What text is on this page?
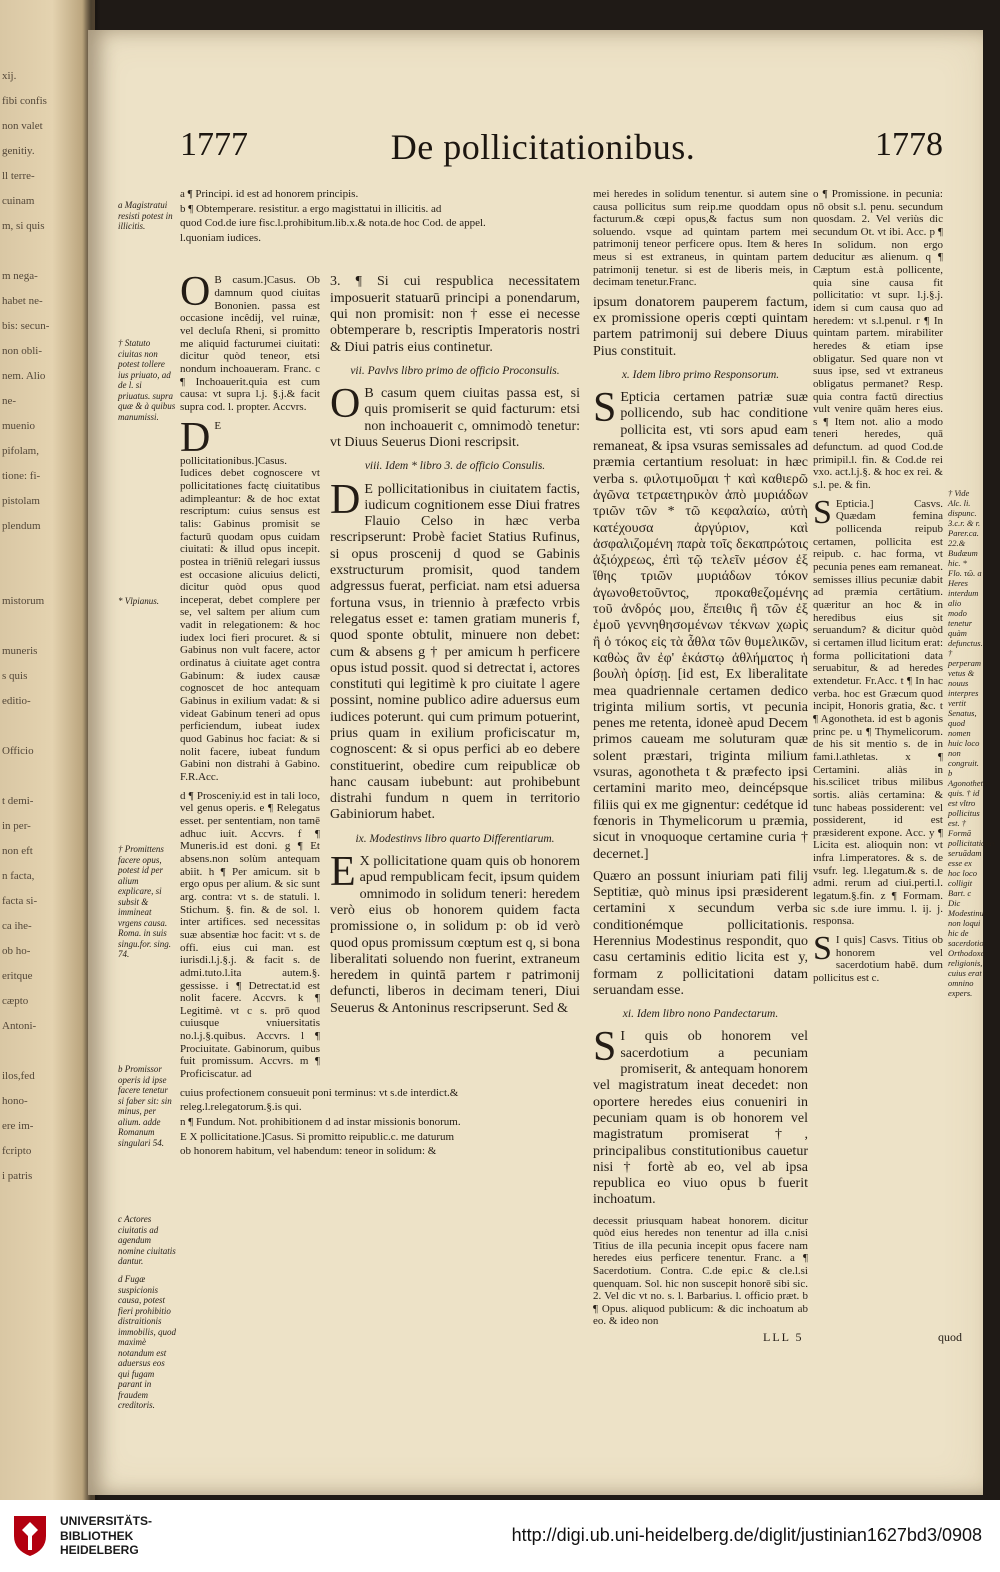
xij.
fibi confis
non valet
genitiy.
ll terre-
cuinam
m, si quis
m nega-
habet ne-
bis: secun-
non obli-
nem. Alio
ne-
muenio
pifolam,
tione: fi-
pistolam
plendum
mistorum
muneris
s quis
editio-
Officio
t demi-
in per-
non eft
n facta,
facta si-
ca ihe-
ob ho-
eritque
cæpto
Antoni-
ilos,fed
hono-
ere im-
fcripto
i patris
1777	De pollicitationibus.	1778
a Magistratui resisti potest in illicitis.

a ¶ Principi. id est ad honorem principis.

b ¶ Obtemperare. resistitur. a ergo magisttatui in illicitis. ad

quod Cod.de iure fisc.l.prohibitum.lib.x.& nota.de hoc Cod. de appel.

l.quoniam iudices.

O B casum.]Casus. Ob damnum quod ciuitas Bononien. passa est occasione incêdij, vel ruinæ, vel decluſa Rheni, si promitto me aliquid facturumei ciuitati: dicitur quòd teneor, etsi nondum inchoaueram. Franc. c ¶ Inchoauerit.quia est cum causa: vt supra l.j. §.j.& facit supra cod. l. propter. Accvrs.

D E pollicitationibus.]Casus. Iudices debet cognoscere vt pollicitationes factę ciuitatibus adimpleantur: & de hoc extat rescriptum: cuius sensus est talis: Gabinus promisit se facturū quodam opus cuidam ciuitati: & illud opus incepit. postea in triēniū relegari iussus est occasione alicuius delicti, dicitur quòd opus quod inceperat, debet complere per se, vel saltem per alium cum vadit in relegationem: & hoc iudex loci fieri procuret. & si Gabinus non vult facere, actor ordinatus à ciuitate aget contra Gabinum: & iudex causæ cognoscet de hoc antequam Gabinus in exilium vadat: & si videat Gabinum teneri ad opus perficiendum, iubeat iudex quod Gabinus hoc faciat: & si nolit facere, iubeat fundum Gabini non distrahi à Gabino. F.R.Acc.

d ¶ Prosceniy.id est in tali loco, vel genus operis. e ¶ Relegatus esset. per sententiam, non tamē adhuc iuit. Accvrs. f ¶ Muneris.id est doni. g ¶ Et absens.non solùm antequam abiit. h ¶ Per amicum. sit b ergo opus per alium. & sic sunt arg. contra: vt s. de statuli. l. Stichum. §. fin. & de sol. l. inter artifices. sed necessitas suæ absentiæ hoc facit: vt s. de offi. eius cui man. est iurisdi.l.j.§.j. & facit s. de admi.tuto.l.ita autem.§. gessisse. i ¶ Detrectat.id est nolit facere. Accvrs. k ¶ Legitimè. vt c s. prō quod cuiusque vniuersitatis no.l.j.§.quibus. Accvrs. l ¶ Prociuitate. Gabinorum, quibus fuit promissum. Accvrs. m ¶ Proficiscatur. ad

† Statuto ciuitas non potest tollere ius priuato, ad de l. si priuatus. supra quæ & à quibus manumissi.
* Vlpianus.
† Promittens facere opus, potest id per alium explicare, si subsit & immineat vrgens causa. Roma. in suis singu.for. sing. 74.
b Promissor operis id ipse facere tenetur si faber sit: sin minus, per alium. adde Romanum singulari 54.
c Actores ciuitatis ad agendum nomine ciuitatis dantur.
d Fugæ suspicionis causa, potest fieri prohibitio distraitionis immobilis, quod maximè notandum est aduersus eos qui fugam parant in fraudem creditoris.

3. ¶ Si cui respublica necessitatem imposuerit statuarū principi a ponendarum, qui non promisit: non † esse ei necesse obtemperare b, rescriptis Imperatoris nostri & Diui patris eius continetur.

vii. Pavlvs libro primo de officio Proconsulis.

O B casum quem ciuitas passa est, si quis promiserit se quid facturum: etsi non inchoauerit c, omnimodò tenetur: vt Diuus Seuerus Dioni rescripsit.

viii. Idem * libro 3. de officio Consulis.

D E pollicitationibus in ciuitatem factis, iudicum cognitionem esse Diui fratres Flauio Celso in hæc verba rescripserunt: Probè faciet Statius Rufinus, si opus proscenij d quod se Gabinis exstructurum promisit, quod tandem adgressus fuerat, perficiat. nam etsi aduersa fortuna vsus, in triennio à præfecto vrbis relegatus esset e: tamen gratiam muneris f, quod sponte obtulit, minuere non debet: cum & absens g † per amicum h perficere opus istud possit. quod si detrectat i, actores constituti qui legitimè k pro ciuitate l agere possint, nomine publico adire aduersus eum iudices poterunt. qui cum primum potuerint, prius quam in exilium proficiscatur m, cognoscent: & si opus perfici ab eo debere constituerint, obedire cum reipublicæ ob hanc causam iubebunt: aut prohibebunt distrahi fundum n quem in territorio Gabiniorum habet.

ix. Modestinvs libro quarto Differentiarum.

E X pollicitatione quam quis ob honorem apud rempublicam fecit, ipsum quidem omnimodo in solidum teneri: heredem verò eius ob honorem quidem facta promissione o, in solidum p: ob id verò quod opus promissum cœptum est q, si bona liberalitati soluendo non fuerint, extraneum heredem in quintā partem r patrimonij defuncti, liberos in decimam teneri, Diui Seuerus & Antoninus rescripserunt. Sed &

cuius profectionem consueuit poni terminus: vt s.de interdict.&

releg.l.relegatorum.§.is qui.

n ¶ Fundum. Not. prohibitionem d ad instar missionis bonorum.

E X pollicitatione.]Casus. Si promitto reipublic.c. me daturum

ob honorem habitum, vel habendum: teneor in solidum: &

mei heredes in solidum tenentur. si autem sine causa pollicitus sum reip.me quoddam opus facturum.& cœpi opus,& factus sum non soluendo. vsque ad quintam partem mei patrimonij teneor perficere opus. Item & heres meus si est extraneus, in quintam partem patrimonij tenetur. si est de liberis meis, in decimam tenetur.Franc.

ipsum donatorem pauperem factum, ex promissione operis cœpti quintam partem patrimonij sui debere Diuus Pius constituit.

x. Idem libro primo Responsorum.

S Epticia certamen patriæ suæ pollicendo, sub hac conditione pollicita est, vti sors apud eam remaneat, & ipsa vsuras semissales ad præmia certantium resoluat: in hæc verba s. φιλοτιμοῦμαι † καὶ καθιερῶ ἀγῶνα τετραετηρικὸν ἀπὸ μυριάδων τριῶν τῶν * τῶ κεφαλαίω, αὐτὴ κατέχουσα ἀργύριον, καὶ ἀσφαλιζομένη παρὰ τοῖς δεκαπρώτοις ἀξιόχρεως, ἐπὶ τῷ τελεῖν μέσον ἐξ ἴθης τριῶν μυριάδων τόκον ἀγωνοθετοῦντος, προκαθεζομένης τοῦ ἀνδρός μου, ἔπειθις ἢ τῶν ἐξ ἐμοῦ γεννηθησομένων τέκνων χωρὶς ἢ ὁ τόκος εἰς τὰ ἆθλα τῶν θυμελικῶν, καθὼς ἂν ἐφ' ἑκάστῳ ἀθλήματος ἡ βουλὴ ὁρίσῃ. [id est, Ex liberalitate mea quadriennale certamen dedico triginta milium sortis, vt pecunia penes me retenta, idoneè apud Decem primos caueam me soluturam quæ solent præstari, triginta milium vsuras, agonotheta t & præfecto ipsi certamini marito meo, deincépsque filiis qui ex me gignentur: cedétque id fœnoris in Thymelicorum u præmia, sicut in vnoquoque certamine curia † decernet.]

Quæro an possunt iniuriam pati filij Septitiæ, quò minus ipsi præsiderent certamini x secundum verba conditionémque pollicitationis. Herennius Modestinus respondit, quo casu certaminis editio licita est y, formam z pollicitationi datam seruandam esse.

xi. Idem libro nono Pandectarum.

S I quis ob honorem vel sacerdotium a pecuniam promiserit, & antequam honorem vel magistratum ineat decedet: non oportere heredes eius conueniri in pecuniam quam is ob honorem vel magistratum promiserat †, principalibus constitutionibus cauetur nisi † fortè ab eo, vel ab ipsa republica eo viuo opus b fuerit inchoatum.

decessit priusquam habeat honorem. dicitur quòd eius heredes non tenentur ad illa c.nisi Titius de illa pecunia incepit opus facere nam heredes eius perficere tenentur. Franc. a ¶ Sacerdotium. Contra. C.de epi.c & cle.l.si quenquam. Sol. hic non suscepit honorē sibi sic. 2. Vel dic vt no. s. l. Barbarius. l. officio præt. b ¶ Opus. aliquod publicum: & dic inchoatum ab eo. & ideo non

o ¶ Promissione. in pecunia: nō obsit s.l. penu. secundum quosdam. 2. Vel veriùs dic secundum Ot. vt ibi. Acc. p ¶ In solidum. non ergo deducitur æs alienum. q ¶ Cæptum est.à pollicente, quia sine causa fit pollicitatio: vt supr. l.j.§.j. idem si cum causa quo ad heredem: vt s.l.penul. r ¶ In quintam partem. mirabiliter heredes & etiam ipse obligatur. Sed quare non vt suus ipse, sed vt extraneus obligatus permanet? Resp. quia contra factū directius vult venire quām heres eius. s ¶ Item not. alio a modo teneri heredes, quā defunctum. ad quod Cod.de primipil.l. fin. & Cod.de rei vxo. act.l.j.§. & hoc ex rei. & s.l. pe. & fin.

S Epticia.] Casvs. Quædam femina pollicenda reipub certamen, pollicita est reipub. c. hac forma, vt pecunia penes eam remaneat. semisses illius pecuniæ dabit ad præmia certātium. quæritur an hoc & in heredibus eius sit seruandum? & dicitur quòd si certamen illud licitum erat: forma pollicitationi data seruabitur, & ad heredes extendetur. Fr.Acc. t ¶ In hac verba. hoc est Græcum quod incipit, Honoris gratia, &c. t ¶ Agonotheta. id est b agonis princ pe. u ¶ Thymelicorum. de his sit mentio s. de in fami.l.athletas. x ¶ Certamini. aliàs in his.scilicet tribus milibus sortis. aliàs certamina: & tunc habeas possiderent: vel possiderent, id est præsiderent expone. Acc. y ¶ Licita est. alioquin non: vt infra l.imperatores. & s. de vsufr. leg. l.legatum.& s. de admi. rerum ad ciui.perti.l. legatum.§.fin. z ¶ Formam. sic s.de iure immu. l. ij. j. responsa.

S I quis] Casvs. Titius ob honorem vel sacerdotium habē. dum pollicitus est c.

† Vide Alc. li. dispunc. 3.c.r. & r. Parer.ca. 22.& Budæum hic. * Flo. τῶ. a Heres interdum alio modo tenetur quàm defunctus. † perperam vetus & nouus interpres vertit Senatus, quod nomen huic loco non congruit. b Agonothetes quis. † id est vltro pollicitus est. † Formā pollicitationis seruādam esse ex hoc loco colligit Bart. c Dic Modestinum non loqui hic de sacerdotio Orthodoxe religionis, cuius erat omnino expers.
LLL 5	quod
UNIVERSITÄTS-
BIBLIOTHEK
HEIDELBERG
http://digi.ub.uni-heidelberg.de/diglit/justinian1627bd3/0908
